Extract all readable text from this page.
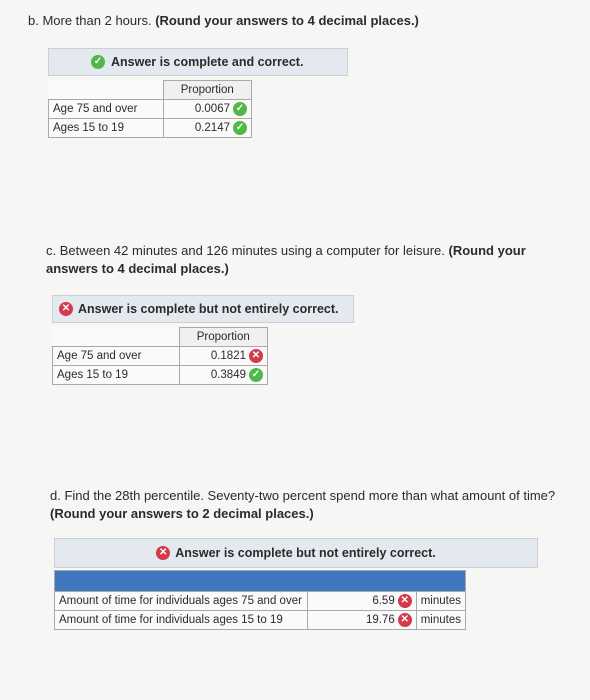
b. More than 2 hours. (Round your answers to 4 decimal places.)
✓ Answer is complete and correct.
	Proportion
Age 75 and over	0.0067 ✓
Ages 15 to 19	0.2147 ✓
c. Between 42 minutes and 126 minutes using a computer for leisure. (Round your
answers to 4 decimal places.)
✕ Answer is complete but not entirely correct.
	Proportion
Age 75 and over	0.1821 ✕
Ages 15 to 19	0.3849 ✓
d. Find the 28th percentile. Seventy-two percent spend more than what amount of time?
(Round your answers to 2 decimal places.)
✕ Answer is complete but not entirely correct.

Amount of time for individuals ages 75 and over	6.59 ✕	minutes
Amount of time for individuals ages 15 to 19	19.76 ✕	minutes
